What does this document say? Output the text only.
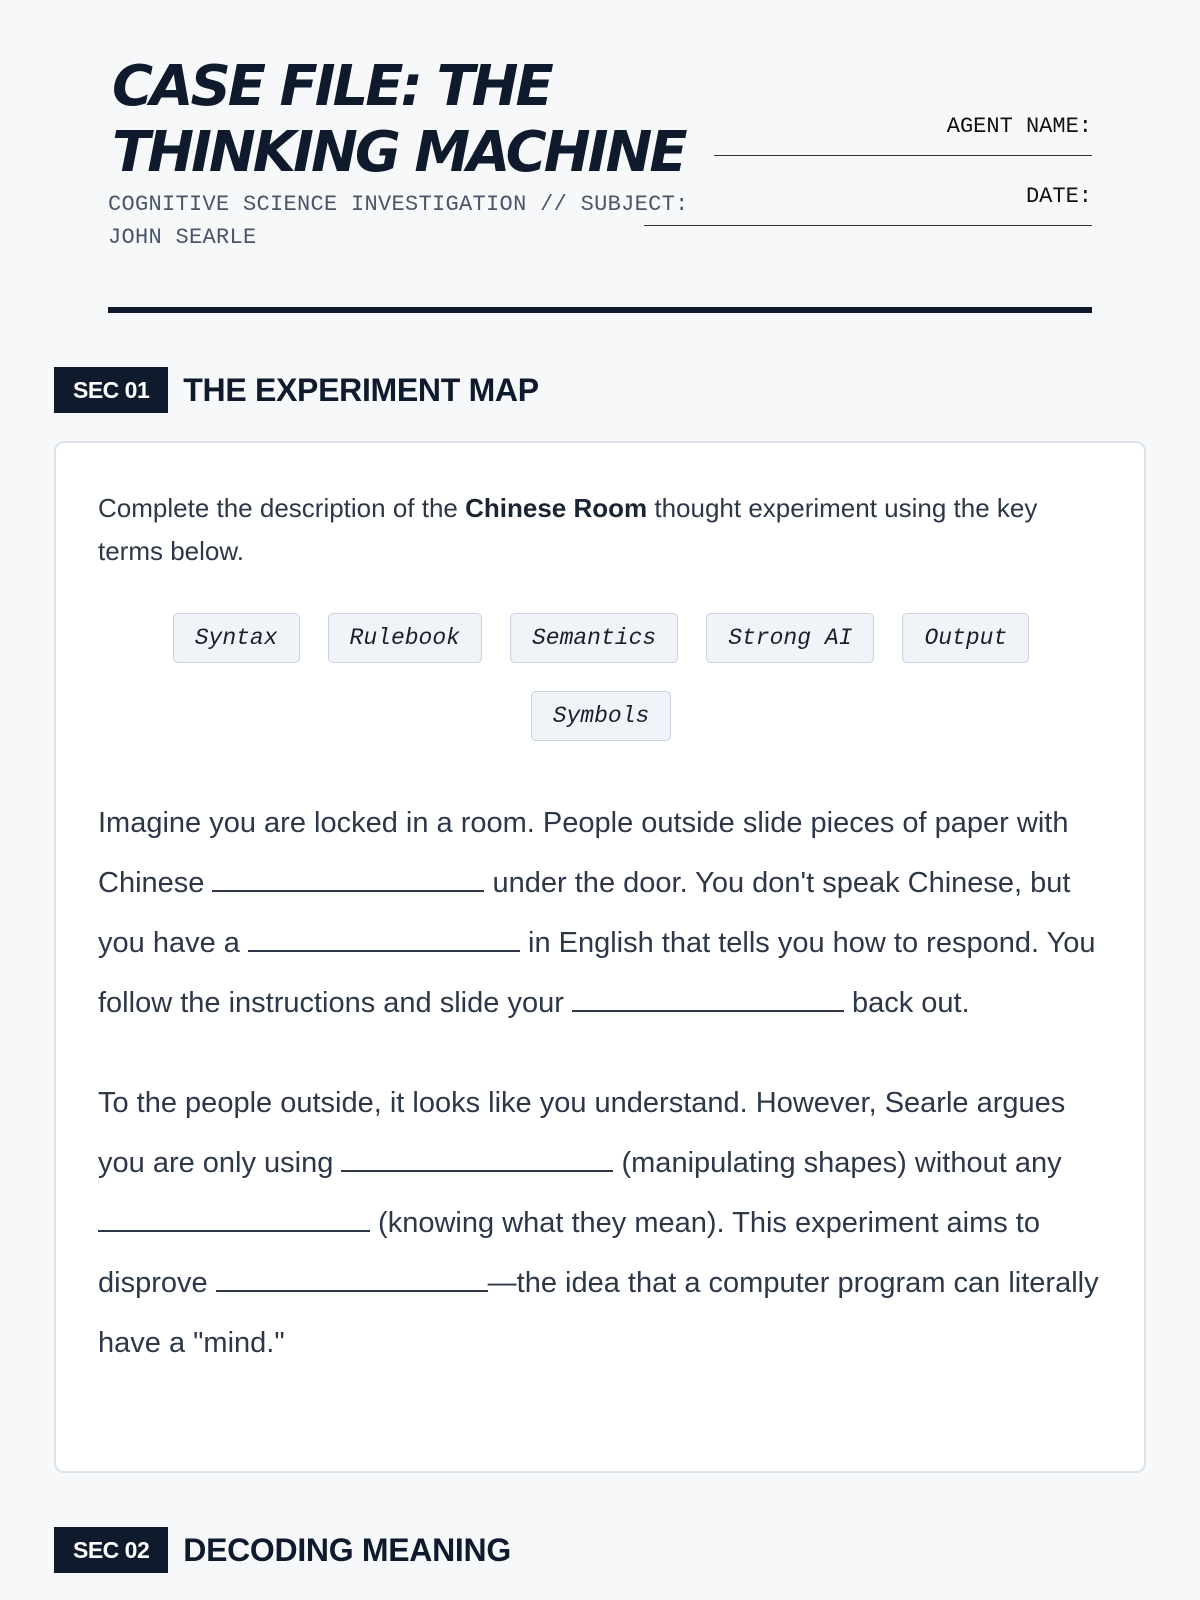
CASE FILE: THE
THINKING MACHINE
COGNITIVE SCIENCE INVESTIGATION // SUBJECT: JOHN SEARLE
AGENT NAME:
DATE:
SEC 01	THE EXPERIMENT MAP

Complete the description of the Chinese Room thought experiment using the key terms below.

Syntax	Rulebook	Semantics	Strong AI	Output
Symbols

Imagine you are locked in a room. People outside slide pieces of paper with Chinese	under the door. You don't speak Chinese, but you have a	in English that tells you how to respond. You follow the instructions and slide your	back out.

To the people outside, it looks like you understand. However, Searle argues you are only using	(manipulating shapes) without any  (knowing what they mean). This experiment aims to disprove	—the idea that a computer program can literally have a "mind."

SEC 02	DECODING MEANING
